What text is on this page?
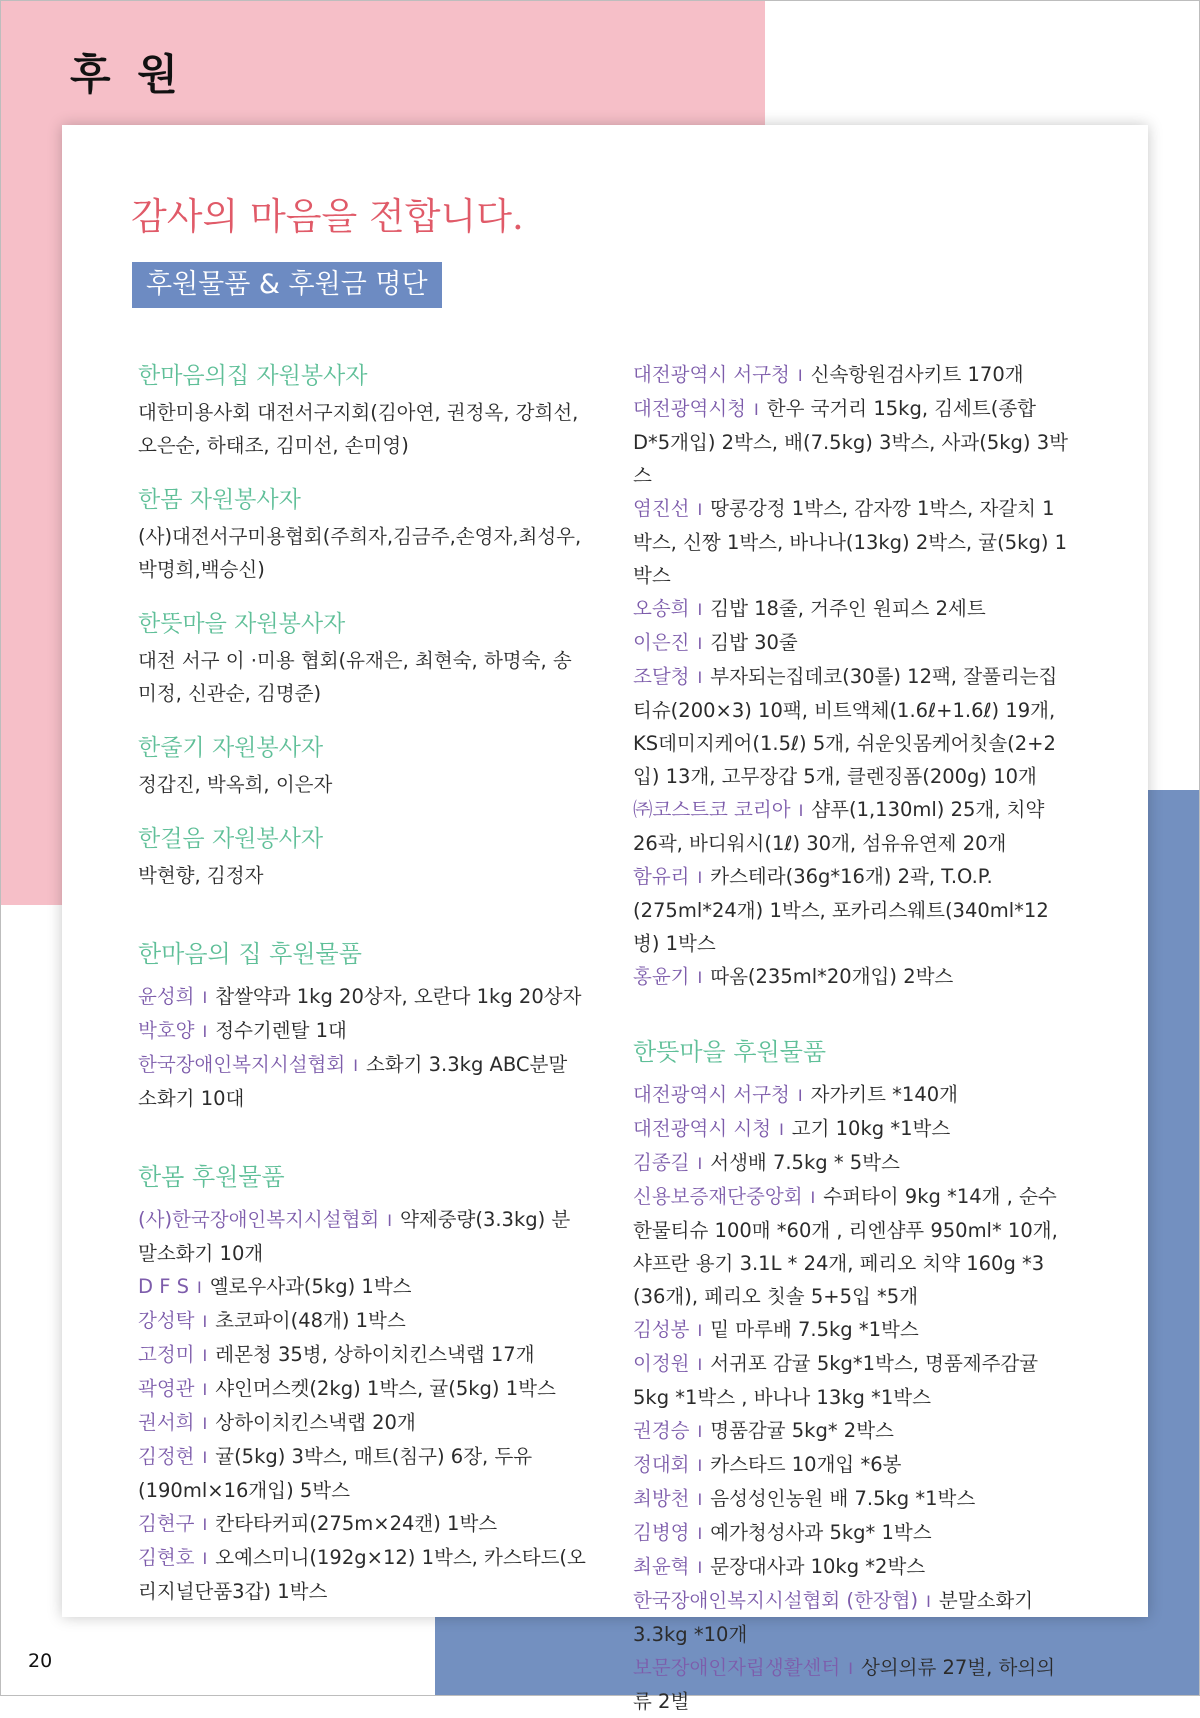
후 원
감사의 마음을 전합니다.
후원물품 & 후원금 명단
한마음의집 자원봉사자
대한미용사회 대전서구지회(김아연, 권정옥, 강희선, 오은순, 하태조, 김미선, 손미영)
한몸 자원봉사자
(사)대전서구미용협회(주희자,김금주,손영자,최성우,박명희,백승신)
한뜻마을 자원봉사자
대전 서구 이 ·미용 협회(유재은, 최현숙, 하명숙, 송미정, 신관순, 김명준)
한줄기 자원봉사자
정갑진, 박옥희, 이은자
한걸음 자원봉사자
박현향, 김정자
한마음의 집 후원물품

윤성희 I 찹쌀약과 1kg 20상자, 오란다 1kg 20상자

박호양 I 정수기렌탈 1대

한국장애인복지시설협회 I 소화기 3.3kg ABC분말소화기 10대

한몸 후원물품

(사)한국장애인복지시설협회 I 약제중량(3.3kg) 분말소화기 10개

D F S I 옐로우사과(5kg) 1박스

강성탁 I 초코파이(48개) 1박스

고정미 I 레몬청 35병, 상하이치킨스낵랩 17개

곽영관 I 샤인머스켓(2kg) 1박스, 귤(5kg) 1박스

권서희 I 상하이치킨스낵랩 20개

김정현 I 귤(5kg) 3박스, 매트(침구) 6장, 두유(190ml×16개입) 5박스

김현구 I 칸타타커피(275m×24캔) 1박스

김현호 I 오예스미니(192g×12) 1박스, 카스타드(오리지널단품3갑) 1박스

대전광역시 서구청 I 신속항원검사키트 170개

대전광역시청 I 한우 국거리 15kg, 김세트(종합D*5개입) 2박스, 배(7.5kg) 3박스, 사과(5kg) 3박스

염진선 I 땅콩강정 1박스, 감자깡 1박스, 자갈치 1박스, 신짱 1박스, 바나나(13kg) 2박스, 귤(5kg) 1박스

오송희 I 김밥 18줄, 거주인 원피스 2세트

이은진 I 김밥 30줄

조달청 I 부자되는집데코(30롤) 12팩, 잘풀리는집티슈(200×3) 10팩, 비트액체(1.6ℓ+1.6ℓ) 19개, KS데미지케어(1.5ℓ) 5개, 쉬운잇몸케어칫솔(2+2입) 13개, 고무장갑 5개, 클렌징폼(200g) 10개

㈜코스트코 코리아 I 샴푸(1,130ml) 25개, 치약 26곽, 바디워시(1ℓ) 30개, 섬유유연제 20개

함유리 I 카스테라(36g*16개) 2곽, T.O.P.(275ml*24개) 1박스, 포카리스웨트(340ml*12병) 1박스

홍윤기 I 따옴(235ml*20개입) 2박스

한뜻마을 후원물품

대전광역시 서구청 I 자가키트 *140개

대전광역시 시청 I 고기 10kg *1박스

김종길 I 서생배 7.5kg * 5박스

신용보증재단중앙회 I 수퍼타이 9kg *14개 , 순수한물티슈 100매 *60개 , 리엔샴푸 950ml* 10개, 샤프란 용기 3.1L * 24개, 페리오 치약 160g *3 (36개), 페리오 칫솔 5+5입 *5개

김성봉 I 밑 마루배 7.5kg *1박스

이정원 I 서귀포 감귤 5kg*1박스, 명품제주감귤5kg *1박스 , 바나나 13kg *1박스

권경승 I 명품감귤 5kg* 2박스

정대회 I 카스타드 10개입 *6봉

최방천 I 음성성인농원 배 7.5kg *1박스

김병영 I 예가청성사과 5kg* 1박스

최윤혁 I 문장대사과 10kg *2박스

한국장애인복지시설협회 (한장협) I 분말소화기 3.3kg *10개

보문장애인자립생활센터 I 상의의류 27벌, 하의의류 2벌

20
